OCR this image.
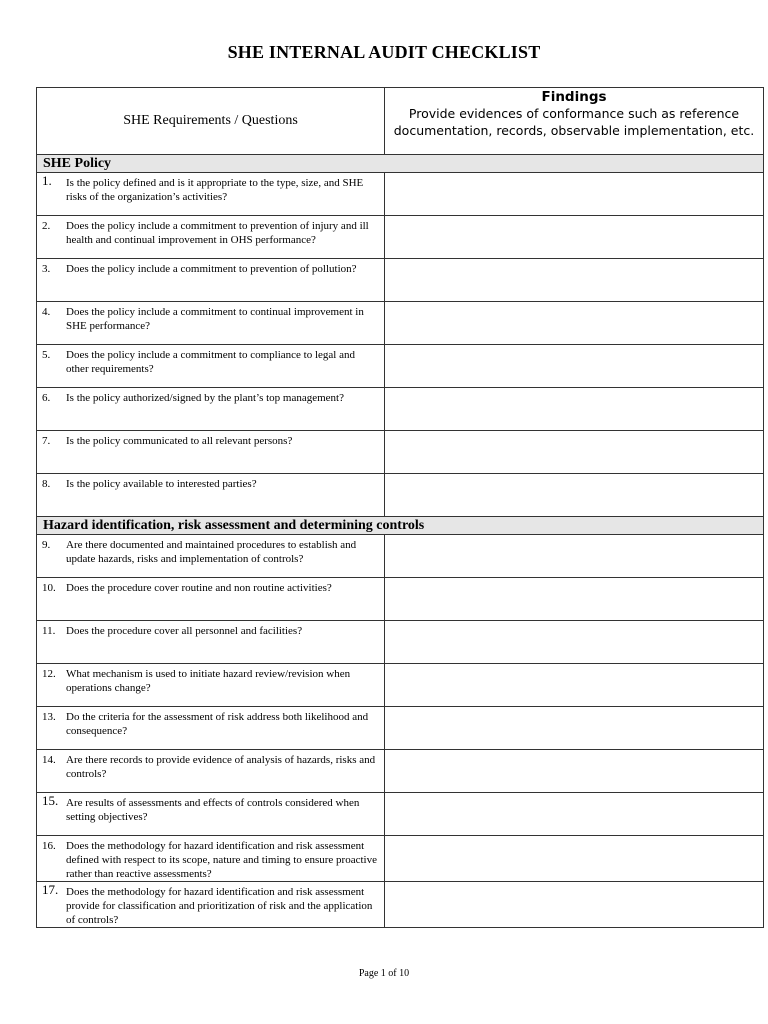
SHE INTERNAL AUDIT CHECKLIST
SHE Requirements / Questions	Findings
Provide evidences of conformance such as reference documentation, records, observable implementation, etc.

SHE Policy	

1. Is the policy defined and is it appropriate to the type, size, and SHE risks of the organization’s activities?	

2. Does the policy include a commitment to prevention of injury and ill health and continual improvement in OHS performance?	

3. Does the policy include a commitment to prevention of pollution?	

4. Does the policy include a commitment to continual improvement in SHE performance?	

5. Does the policy include a commitment to compliance to legal and other requirements?	

6. Is the policy authorized/signed by the plant’s top management?	

7. Is the policy communicated to all relevant persons?	

8. Is the policy available to interested parties?	

Hazard identification, risk assessment and determining controls	

9. Are there documented and maintained procedures to establish and update hazards, risks and implementation of controls?	

10. Does the procedure cover routine and non routine activities?	

11. Does the procedure cover all personnel and facilities?	

12. What mechanism is used to initiate hazard review/revision when operations change?	

13. Do the criteria for the assessment of risk address both likelihood and consequence?	

14. Are there records to provide evidence of analysis of hazards, risks and controls?	

15. Are results of assessments and effects of controls considered when setting objectives?	

16. Does the methodology for hazard identification and risk assessment defined with respect to its scope, nature and timing to ensure proactive rather than reactive assessments?	

17. Does the methodology for hazard identification and risk assessment provide for classification and prioritization of risk and the application of controls?	

Page 1 of 10
